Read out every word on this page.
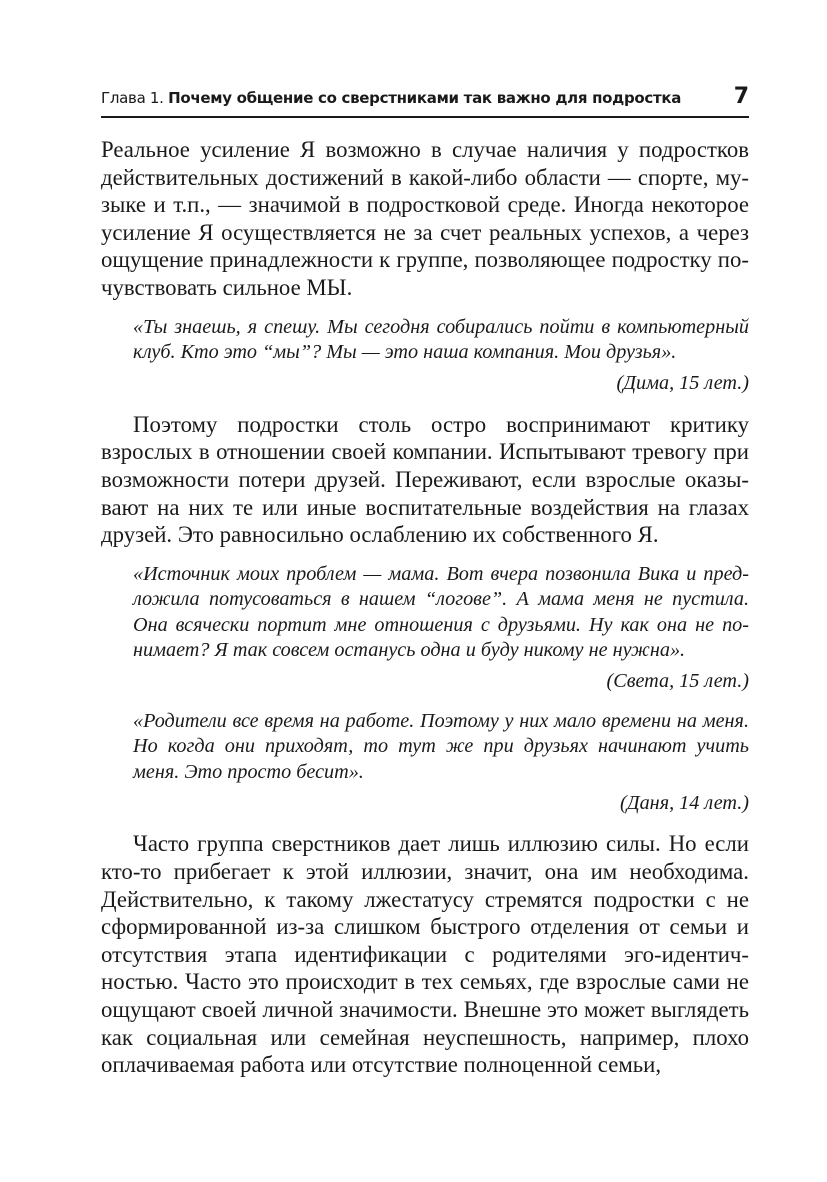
Глава 1. Почему общение со сверстниками так важно для подростка 7

Реальное усиление Я возможно в случае наличия у подростков действительных достижений в какой-либо области — спорте, музыке и т.п., — значимой в подростковой среде. Иногда некоторое усиление Я осуществляется не за счет реальных успехов, а через ощущение принадлежности к группе, позволяющее подростку почувствовать сильное МЫ.

«Ты знаешь, я спешу. Мы сегодня собирались пойти в компьютерный клуб. Кто это “мы”? Мы — это наша компания. Мои друзья».

(Дима, 15 лет.)

Поэтому подростки столь остро воспринимают критику взрослых в отношении своей компании. Испытывают тревогу при возможности потери друзей. Переживают, если взрослые оказывают на них те или иные воспитательные воздействия на глазах друзей. Это равносильно ослаблению их собственного Я.

«Источник моих проблем — мама. Вот вчера позвонила Вика и предложила потусоваться в нашем “логове”. А мама меня не пустила. Она всячески портит мне отношения с друзьями. Ну как она не понимает? Я так совсем останусь одна и буду никому не нужна».

(Света, 15 лет.)

«Родители все время на работе. Поэтому у них мало времени на меня. Но когда они приходят, то тут же при друзьях начинают учить меня. Это просто бесит».

(Даня, 14 лет.)

Часто группа сверстников дает лишь иллюзию силы. Но если кто-то прибегает к этой иллюзии, значит, она им необходима. Действительно, к такому лжестатусу стремятся подростки с не сформированной из-за слишком быстрого отделения от семьи и отсутствия этапа идентификации с родителями эго-идентичностью. Часто это происходит в тех семьях, где взрослые сами не ощущают своей личной значимости. Внешне это может выглядеть как социальная или семейная неуспешность, например, плохо оплачиваемая работа или отсутствие полноценной семьи,
